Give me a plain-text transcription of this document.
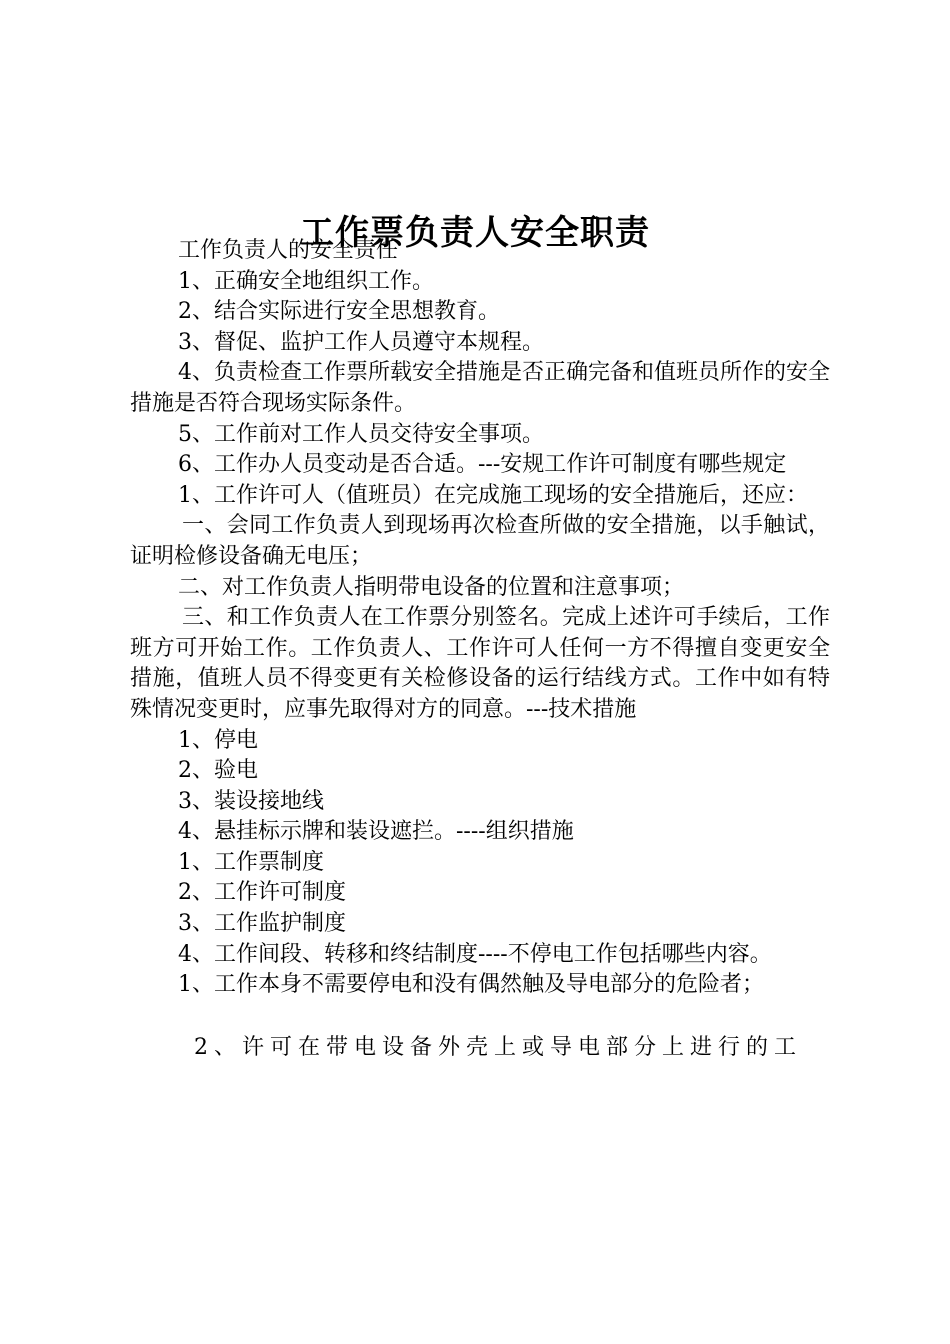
工作票负责人安全职责

工作负责人的安全责任

1、正确安全地组织工作。

2、结合实际进行安全思想教育。

3、督促、监护工作人员遵守本规程。

4、负责检查工作票所载安全措施是否正确完备和值班员所作的安全措施是否符合现场实际条件。

5、工作前对工作人员交待安全事项。

6、工作办人员变动是否合适。---安规工作许可制度有哪些规定

1、工作许可人（值班员）在完成施工现场的安全措施后，还应：

一、会同工作负责人到现场再次检查所做的安全措施，以手触试，证明检修设备确无电压；

二、对工作负责人指明带电设备的位置和注意事项；

三、和工作负责人在工作票分别签名。完成上述许可手续后，工作班方可开始工作。工作负责人、工作许可人任何一方不得擅自变更安全措施，值班人员不得变更有关检修设备的运行结线方式。工作中如有特殊情况变更时，应事先取得对方的同意。---技术措施

1、停电

2、验电

3、装设接地线

4、悬挂标示牌和装设遮拦。----组织措施

1、工作票制度

2、工作许可制度

3、工作监护制度

4、工作间段、转移和终结制度----不停电工作包括哪些内容。

1、工作本身不需要停电和没有偶然触及导电部分的危险者；

2、许可在带电设备外壳上或导电部分上进行的工
